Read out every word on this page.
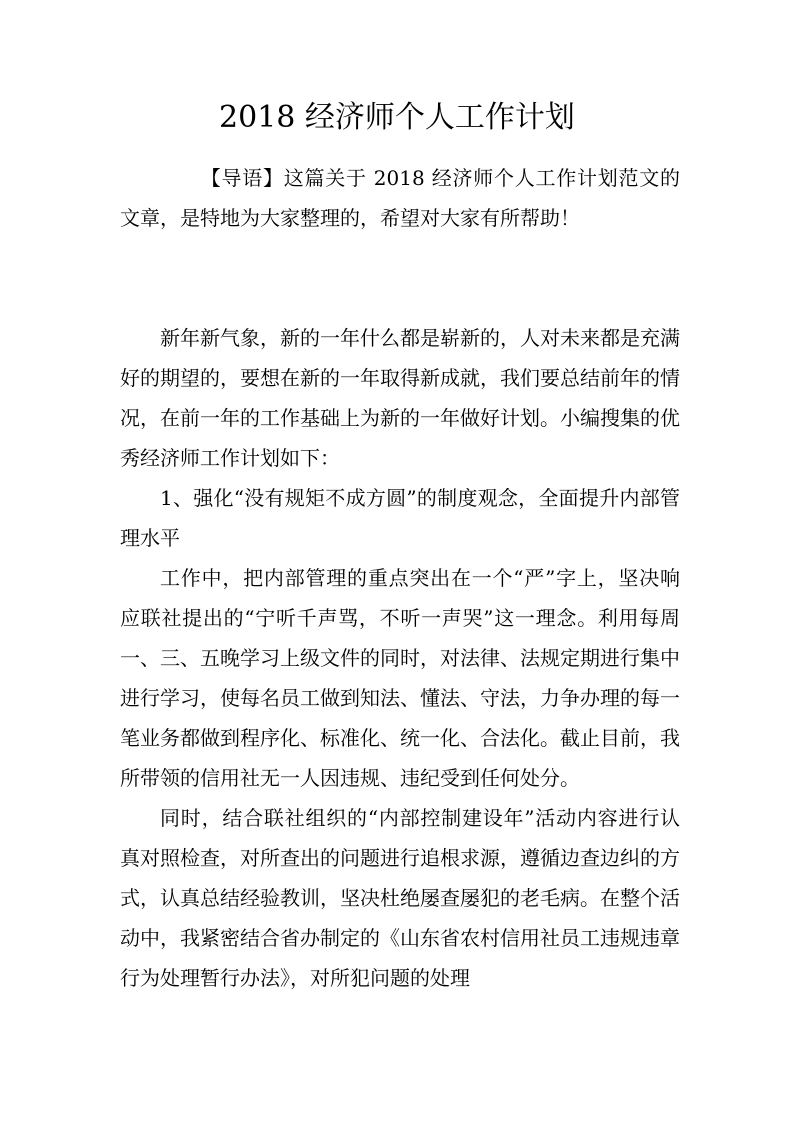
2018 经济师个人工作计划

【导语】这篇关于 2018 经济师个人工作计划范文的文章，是特地为大家整理的，希望对大家有所帮助！

新年新气象，新的一年什么都是崭新的，人对未来都是充满好的期望的，要想在新的一年取得新成就，我们要总结前年的情况，在前一年的工作基础上为新的一年做好计划。小编搜集的优秀经济师工作计划如下：

1、强化“没有规矩不成方圆”的制度观念，全面提升内部管理水平

工作中，把内部管理的重点突出在一个“严”字上，坚决响应联社提出的“宁听千声骂，不听一声哭”这一理念。利用每周一、三、五晚学习上级文件的同时，对法律、法规定期进行集中进行学习，使每名员工做到知法、懂法、守法，力争办理的每一笔业务都做到程序化、标准化、统一化、合法化。截止目前，我所带领的信用社无一人因违规、违纪受到任何处分。

同时，结合联社组织的“内部控制建设年”活动内容进行认真对照检查，对所查出的问题进行追根求源，遵循边查边纠的方式，认真总结经验教训，坚决杜绝屡查屡犯的老毛病。在整个活动中，我紧密结合省办制定的《山东省农村信用社员工违规违章行为处理暂行办法》，对所犯问题的处理
